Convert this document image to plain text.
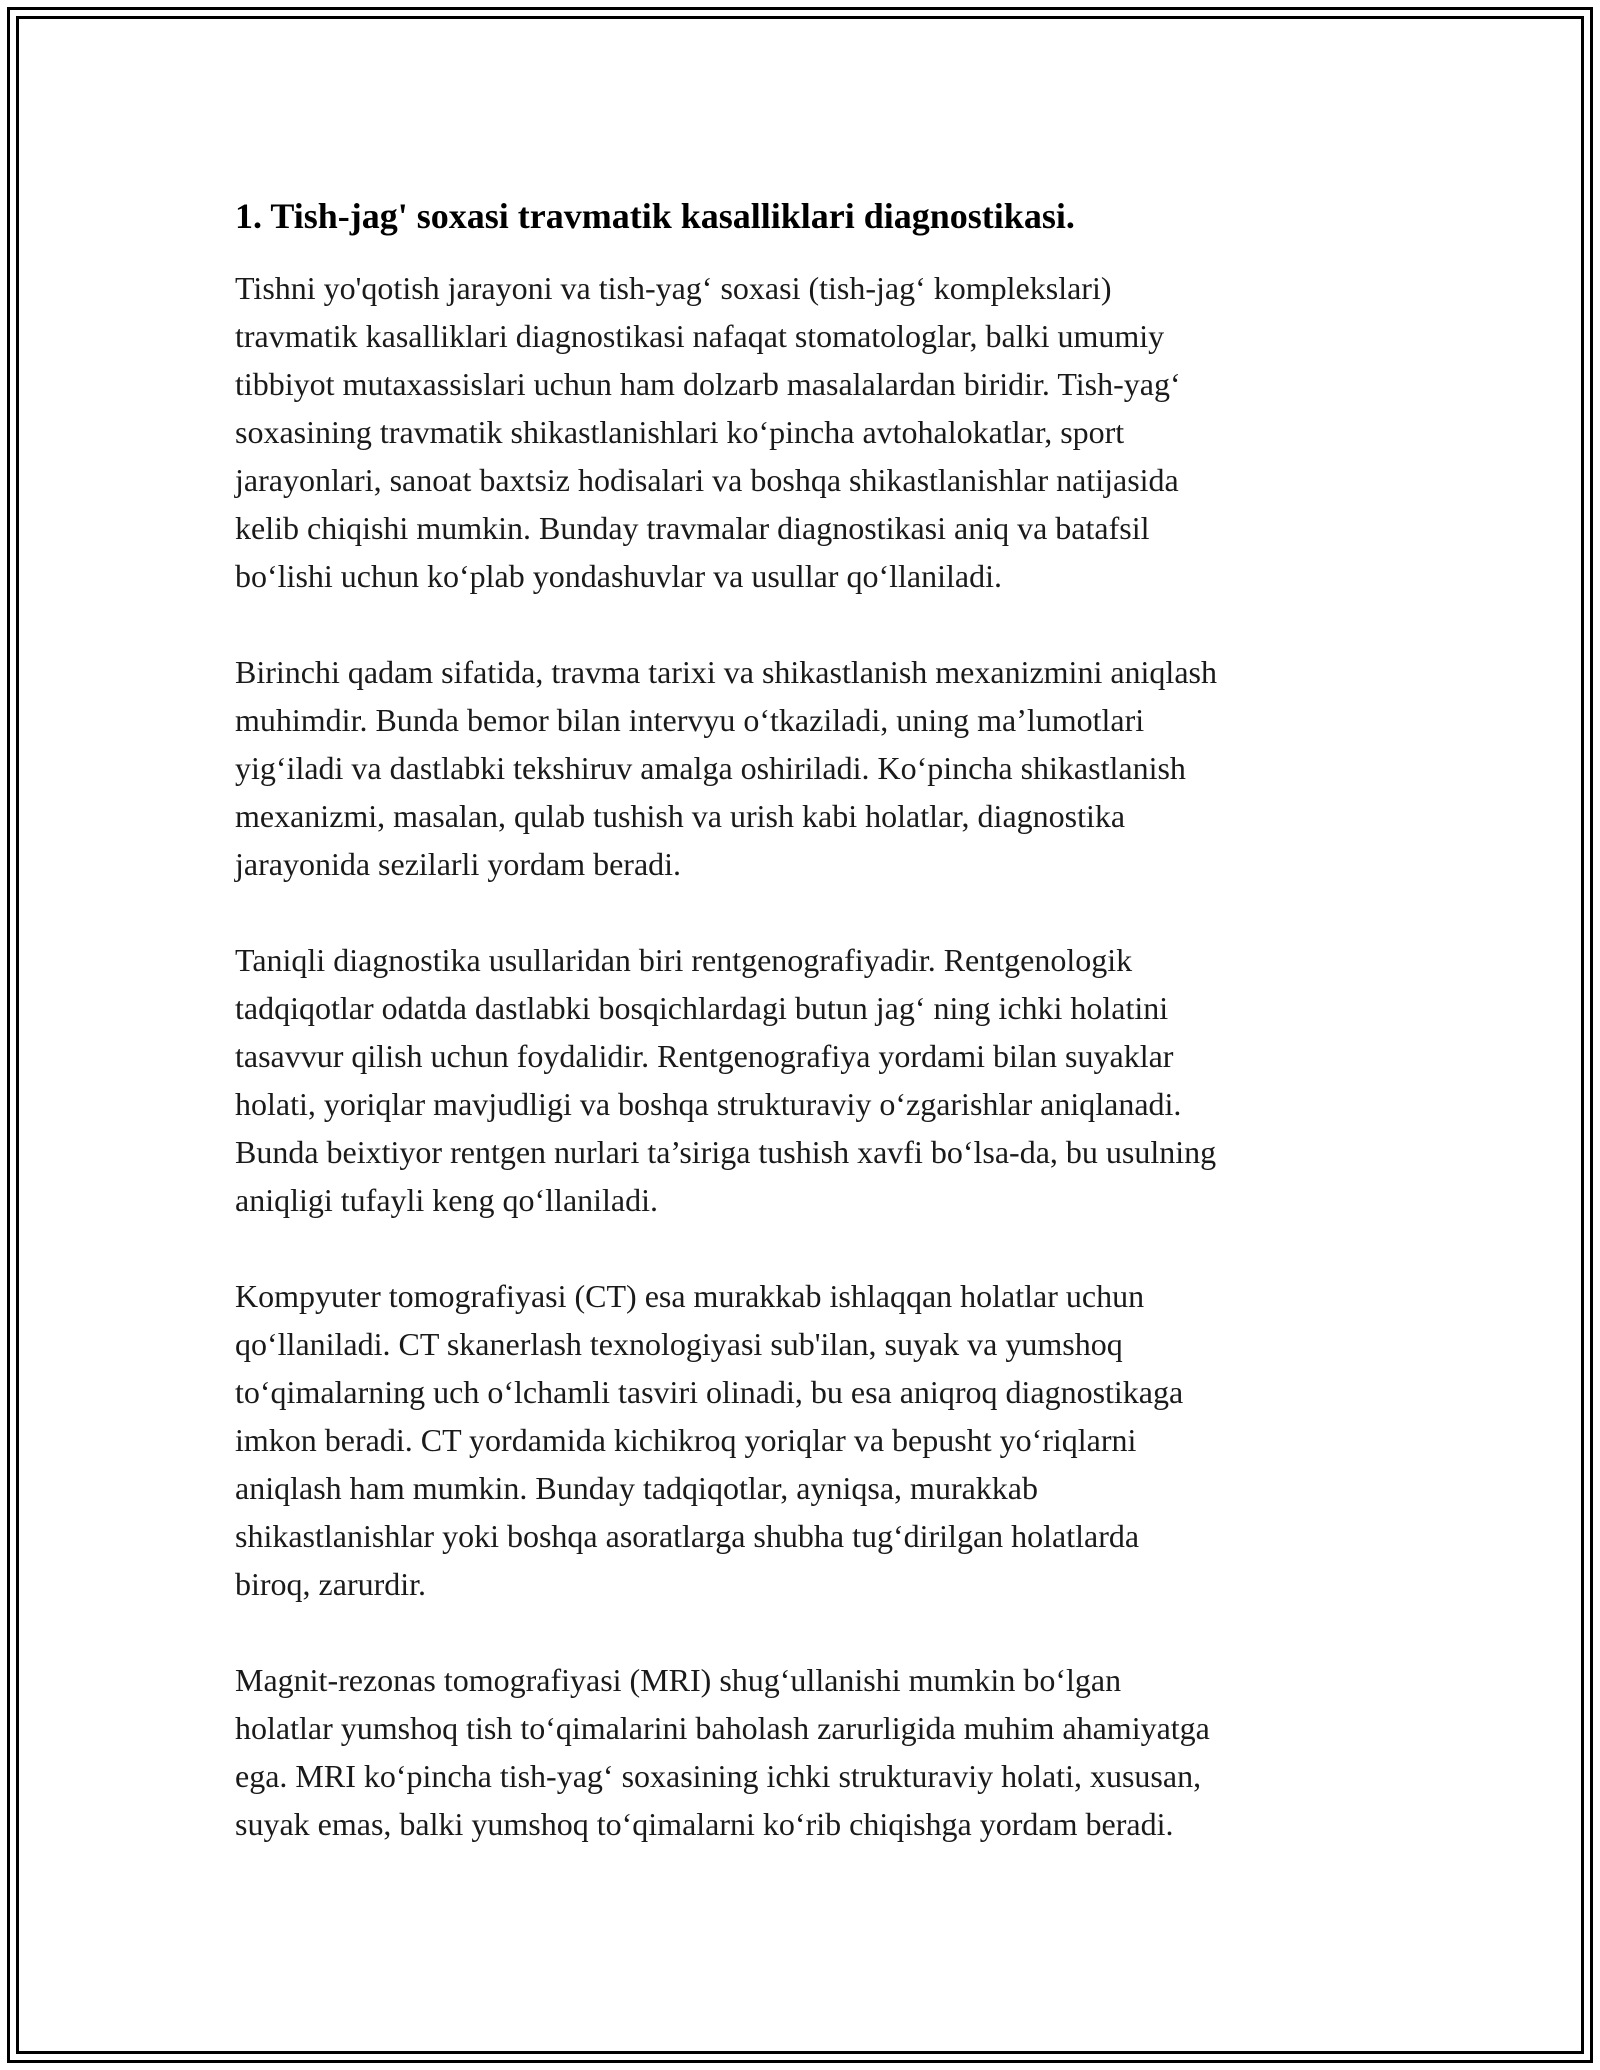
1. Tish-jag' soxasi travmatik kasalliklari diagnostikasi.

Tishni yo'qotish jarayoni va tish-yag‘ soxasi (tish-jag‘ komplekslari)
travmatik kasalliklari diagnostikasi nafaqat stomatologlar, balki umumiy
tibbiyot mutaxassislari uchun ham dolzarb masalalardan biridir. Tish-yag‘
soxasining travmatik shikastlanishlari ko‘pincha avtohalokatlar, sport
jarayonlari, sanoat baxtsiz hodisalari va boshqa shikastlanishlar natijasida
kelib chiqishi mumkin. Bunday travmalar diagnostikasi aniq va batafsil
bo‘lishi uchun ko‘plab yondashuvlar va usullar qo‘llaniladi.

Birinchi qadam sifatida, travma tarixi va shikastlanish mexanizmini aniqlash
muhimdir. Bunda bemor bilan intervyu o‘tkaziladi, uning ma’lumotlari
yig‘iladi va dastlabki tekshiruv amalga oshiriladi. Ko‘pincha shikastlanish
mexanizmi, masalan, qulab tushish va urish kabi holatlar, diagnostika
jarayonida sezilarli yordam beradi.

Taniqli diagnostika usullaridan biri rentgenografiyadir. Rentgenologik
tadqiqotlar odatda dastlabki bosqichlardagi butun jag‘ ning ichki holatini
tasavvur qilish uchun foydalidir. Rentgenografiya yordami bilan suyaklar
holati, yoriqlar mavjudligi va boshqa strukturaviy o‘zgarishlar aniqlanadi.
Bunda beixtiyor rentgen nurlari ta’siriga tushish xavfi bo‘lsa-da, bu usulning
aniqligi tufayli keng qo‘llaniladi.

Kompyuter tomografiyasi (CT) esa murakkab ishlaqqan holatlar uchun
qo‘llaniladi. CT skanerlash texnologiyasi sub'ilan, suyak va yumshoq
to‘qimalarning uch o‘lchamli tasviri olinadi, bu esa aniqroq diagnostikaga
imkon beradi. CT yordamida kichikroq yoriqlar va bepusht yo‘riqlarni
aniqlash ham mumkin. Bunday tadqiqotlar, ayniqsa, murakkab
shikastlanishlar yoki boshqa asoratlarga shubha tug‘dirilgan holatlarda
biroq, zarurdir.

Magnit-rezonas tomografiyasi (MRI) shug‘ullanishi mumkin bo‘lgan
holatlar yumshoq tish to‘qimalarini baholash zarurligida muhim ahamiyatga
ega. MRI ko‘pincha tish-yag‘ soxasining ichki strukturaviy holati, xususan,
suyak emas, balki yumshoq to‘qimalarni ko‘rib chiqishga yordam beradi.
